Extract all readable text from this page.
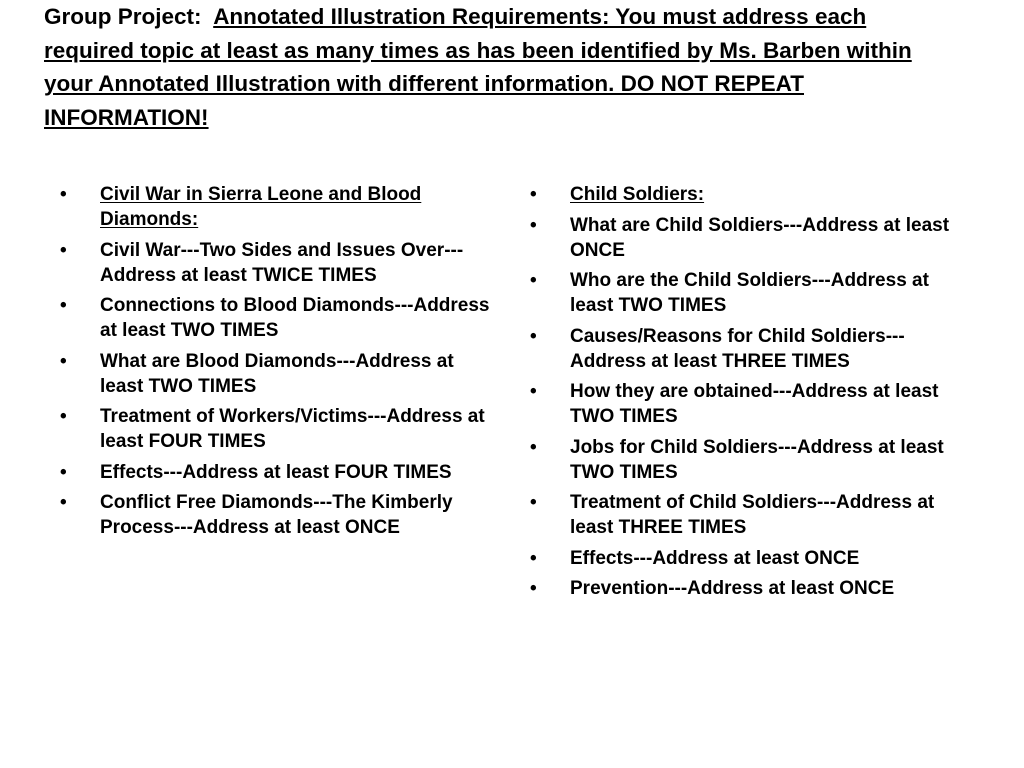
Group Project: Annotated Illustration Requirements: You must address each required topic at least as many times as has been identified by Ms. Barben within your Annotated Illustration with different information. DO NOT REPEAT INFORMATION!
•	Civil War in Sierra Leone and Blood Diamonds:
•	Civil War---Two Sides and Issues Over---Address at least TWICE TIMES
•	Connections to Blood Diamonds---Address at least TWO TIMES
•	What are Blood Diamonds---Address at least TWO TIMES
•	Treatment of Workers/Victims---Address at least FOUR TIMES
•	Effects---Address at least FOUR TIMES
•	Conflict Free Diamonds---The Kimberly Process---Address at least ONCE
•	Child Soldiers:
•	What are Child Soldiers---Address at least ONCE
•	Who are the Child Soldiers---Address at least TWO TIMES
•	Causes/Reasons for Child Soldiers---Address at least THREE TIMES
•	How they are obtained---Address at least TWO TIMES
•	Jobs for Child Soldiers---Address at least TWO TIMES
•	Treatment of Child Soldiers---Address at least THREE TIMES
•	Effects---Address at least ONCE
•	Prevention---Address at least ONCE
